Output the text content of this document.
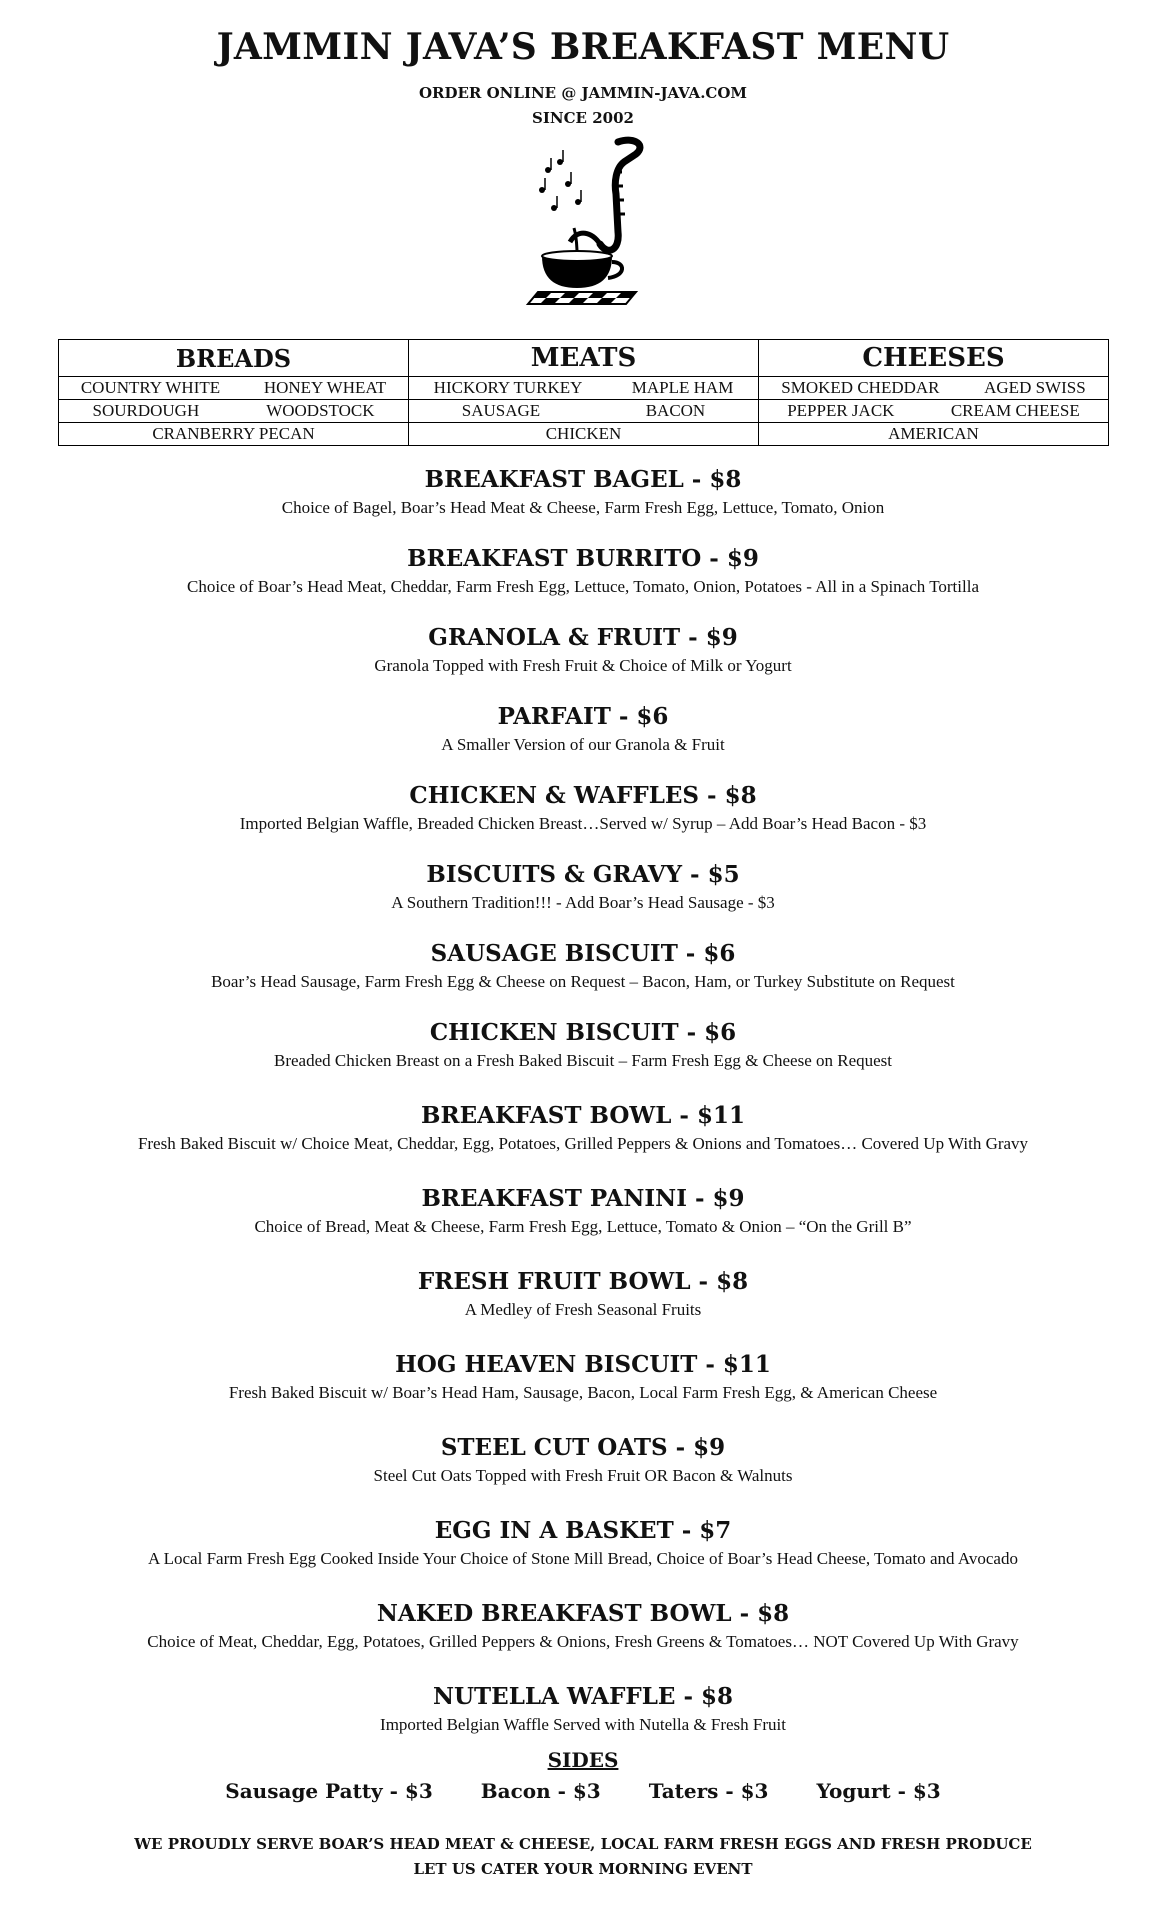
JAMMIN JAVA’S BREAKFAST MENU
ORDER ONLINE @ JAMMIN-JAVA.COM
SINCE 2002
BREADS	MEATS	CHEESES

COUNTRY WHITE HONEY WHEAT	HICKORY TURKEY MAPLE HAM	SMOKED CHEDDAR AGED SWISS

SOURDOUGH WOODSTOCK	SAUSAGE BACON	PEPPER JACK CREAM CHEESE

CRANBERRY PECAN	CHICKEN	AMERICAN
BREAKFAST BAGEL - $8
Choice of Bagel, Boar’s Head Meat & Cheese, Farm Fresh Egg, Lettuce, Tomato, Onion
BREAKFAST BURRITO - $9
Choice of Boar’s Head Meat, Cheddar, Farm Fresh Egg, Lettuce, Tomato, Onion, Potatoes - All in a Spinach Tortilla
GRANOLA & FRUIT - $9
Granola Topped with Fresh Fruit & Choice of Milk or Yogurt
PARFAIT - $6
A Smaller Version of our Granola & Fruit
CHICKEN & WAFFLES - $8
Imported Belgian Waffle, Breaded Chicken Breast…Served w/ Syrup – Add Boar’s Head Bacon - $3
BISCUITS & GRAVY - $5
A Southern Tradition!!! - Add Boar’s Head Sausage - $3
SAUSAGE BISCUIT - $6
Boar’s Head Sausage, Farm Fresh Egg & Cheese on Request – Bacon, Ham, or Turkey Substitute on Request
CHICKEN BISCUIT - $6
Breaded Chicken Breast on a Fresh Baked Biscuit – Farm Fresh Egg & Cheese on Request
BREAKFAST BOWL - $11
Fresh Baked Biscuit w/ Choice Meat, Cheddar, Egg, Potatoes, Grilled Peppers & Onions and Tomatoes… Covered Up With Gravy
BREAKFAST PANINI - $9
Choice of Bread, Meat & Cheese, Farm Fresh Egg, Lettuce, Tomato & Onion – “On the Grill B”
FRESH FRUIT BOWL - $8
A Medley of Fresh Seasonal Fruits
HOG HEAVEN BISCUIT - $11
Fresh Baked Biscuit w/ Boar’s Head Ham, Sausage, Bacon, Local Farm Fresh Egg, & American Cheese
STEEL CUT OATS - $9
Steel Cut Oats Topped with Fresh Fruit OR Bacon & Walnuts
EGG IN A BASKET - $7
A Local Farm Fresh Egg Cooked Inside Your Choice of Stone Mill Bread, Choice of Boar’s Head Cheese, Tomato and Avocado
NAKED BREAKFAST BOWL - $8
Choice of Meat, Cheddar, Egg, Potatoes, Grilled Peppers & Onions, Fresh Greens & Tomatoes… NOT Covered Up With Gravy
NUTELLA WAFFLE - $8
Imported Belgian Waffle Served with Nutella & Fresh Fruit
SIDES
Sausage Patty - $3 Bacon - $3 Taters - $3 Yogurt - $3
WE PROUDLY SERVE BOAR’S HEAD MEAT & CHEESE, LOCAL FARM FRESH EGGS AND FRESH PRODUCE
LET US CATER YOUR MORNING EVENT
